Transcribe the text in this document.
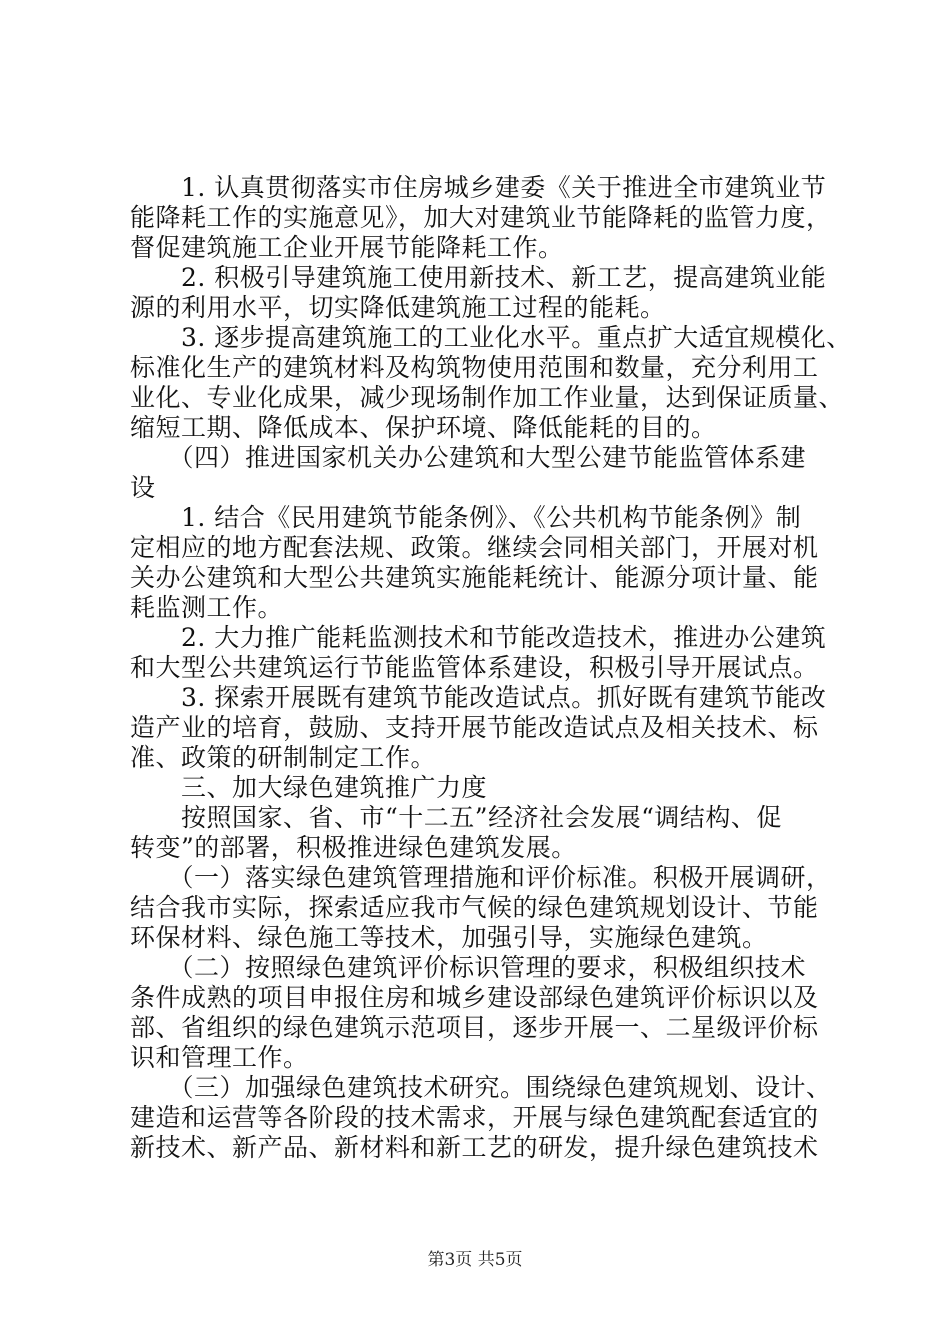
　　1. 认真贯彻落实市住房城乡建委《关于推进全市建筑业节
能降耗工作的实施意见》，加大对建筑业节能降耗的监管力度，
督促建筑施工企业开展节能降耗工作。
　　2. 积极引导建筑施工使用新技术、新工艺，提高建筑业能
源的利用水平，切实降低建筑施工过程的能耗。
　　3. 逐步提高建筑施工的工业化水平。重点扩大适宜规模化、
标准化生产的建筑材料及构筑物使用范围和数量，充分利用工
业化、专业化成果，减少现场制作加工作业量，达到保证质量、
缩短工期、降低成本、保护环境、降低能耗的目的。
　　（四）推进国家机关办公建筑和大型公建节能监管体系建
设
　　1. 结合《民用建筑节能条例》、《公共机构节能条例》制
定相应的地方配套法规、政策。继续会同相关部门，开展对机
关办公建筑和大型公共建筑实施能耗统计、能源分项计量、能
耗监测工作。
　　2. 大力推广能耗监测技术和节能改造技术，推进办公建筑
和大型公共建筑运行节能监管体系建设，积极引导开展试点。
　　3. 探索开展既有建筑节能改造试点。抓好既有建筑节能改
造产业的培育，鼓励、支持开展节能改造试点及相关技术、标
准、政策的研制制定工作。
　　三、加大绿色建筑推广力度
　　按照国家、省、市“十二五”经济社会发展“调结构、促
转变”的部署，积极推进绿色建筑发展。
　　（一）落实绿色建筑管理措施和评价标准。积极开展调研，
结合我市实际，探索适应我市气候的绿色建筑规划设计、节能
环保材料、绿色施工等技术，加强引导，实施绿色建筑。
　　（二）按照绿色建筑评价标识管理的要求，积极组织技术
条件成熟的项目申报住房和城乡建设部绿色建筑评价标识以及
部、省组织的绿色建筑示范项目，逐步开展一、二星级评价标
识和管理工作。
　　（三）加强绿色建筑技术研究。围绕绿色建筑规划、设计、
建造和运营等各阶段的技术需求，开展与绿色建筑配套适宜的
新技术、新产品、新材料和新工艺的研发，提升绿色建筑技术
第3页 共5页
